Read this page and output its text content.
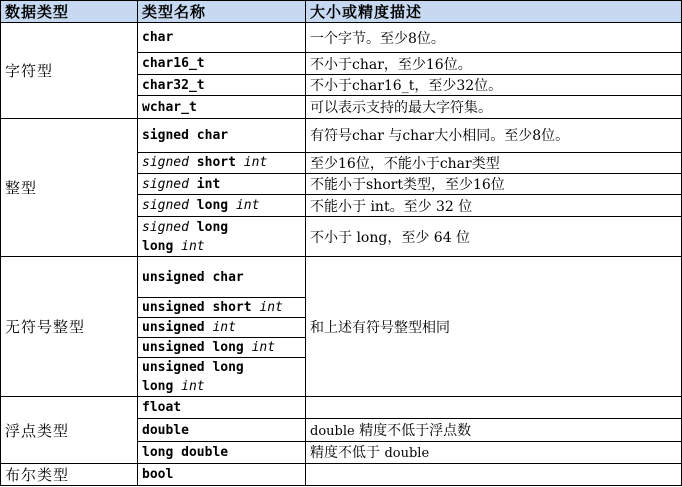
数据类型	类型名称	大小或精度描述
字符型	char	一个字节。至少8位。
	char16_t	不小于char，至少16位。
	char32_t	不小于char16_t，至少32位。
	wchar_t	可以表示支持的最大字符集。
整型	signed char	有符号char 与char大小相同。至少8位。
	signed short int	至少16位，不能小于char类型
	signed int	不能小于short类型，至少16位
	signed long int	不能小于 int。至少 32 位
	signed long
long int	不小于 long，至少 64 位
无符号整型	unsigned char	和上述有符号整型相同
	unsigned short int	
	unsigned int	
	unsigned long int	
	unsigned long
long int	
浮点类型	float	
	double	double 精度不低于浮点数
	long double	精度不低于 double
布尔类型	bool	
